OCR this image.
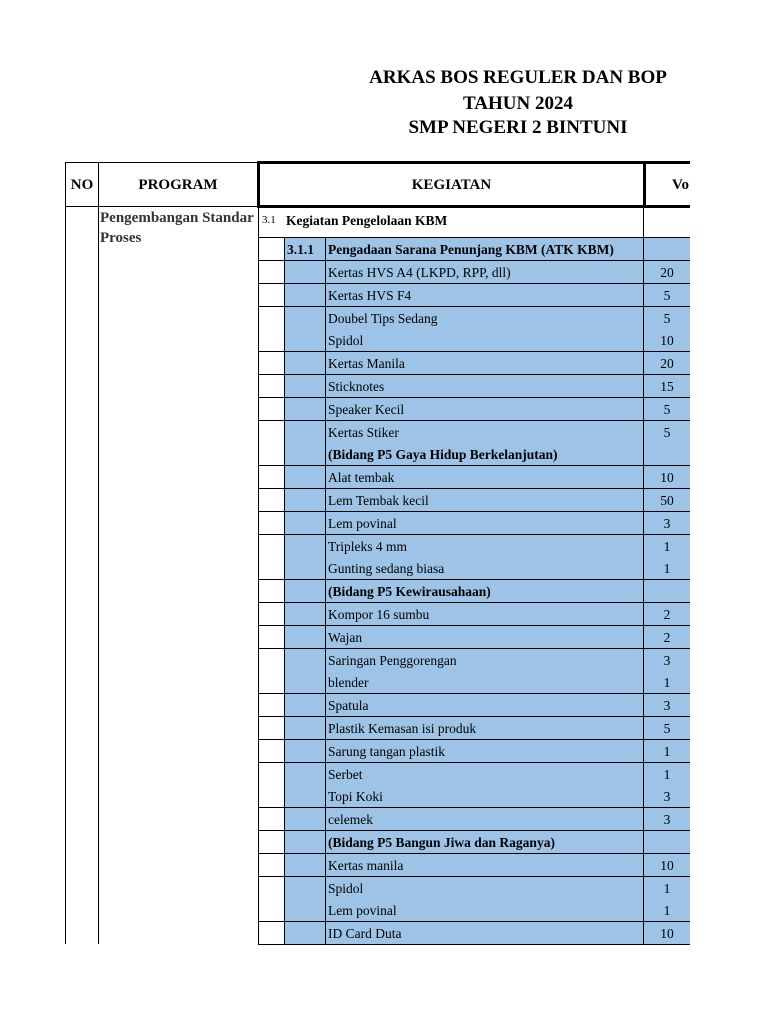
ARKAS BOS REGULER DAN BOP
TAHUN 2024
SMP NEGERI 2 BINTUNI
NO	PROGRAM	KEGIATAN	Vo
Pengembangan Standar Proses
3.1 Kegiatan Pengelolaan KBM
3.1.1 Pengadaan Sarana Penunjang KBM (ATK KBM)
Kertas HVS A4 (LKPD, RPP, dll)	20
Kertas HVS F4	5
Doubel Tips Sedang	5
Spidol	10
Kertas Manila	20
Sticknotes	15
Speaker Kecil	5
Kertas Stiker	5
(Bidang P5 Gaya Hidup Berkelanjutan)
Alat tembak	10
Lem Tembak kecil	50
Lem povinal	3
Tripleks 4 mm	1
Gunting sedang biasa	1
(Bidang P5 Kewirausahaan)
Kompor 16 sumbu	2
Wajan	2
Saringan Penggorengan	3
blender	1
Spatula	3
Plastik Kemasan isi produk	5
Sarung tangan plastik	1
Serbet	1
Topi Koki	3
celemek	3
(Bidang P5 Bangun Jiwa dan Raganya)
Kertas manila	10
Spidol	1
Lem povinal	1
ID Card Duta	10
